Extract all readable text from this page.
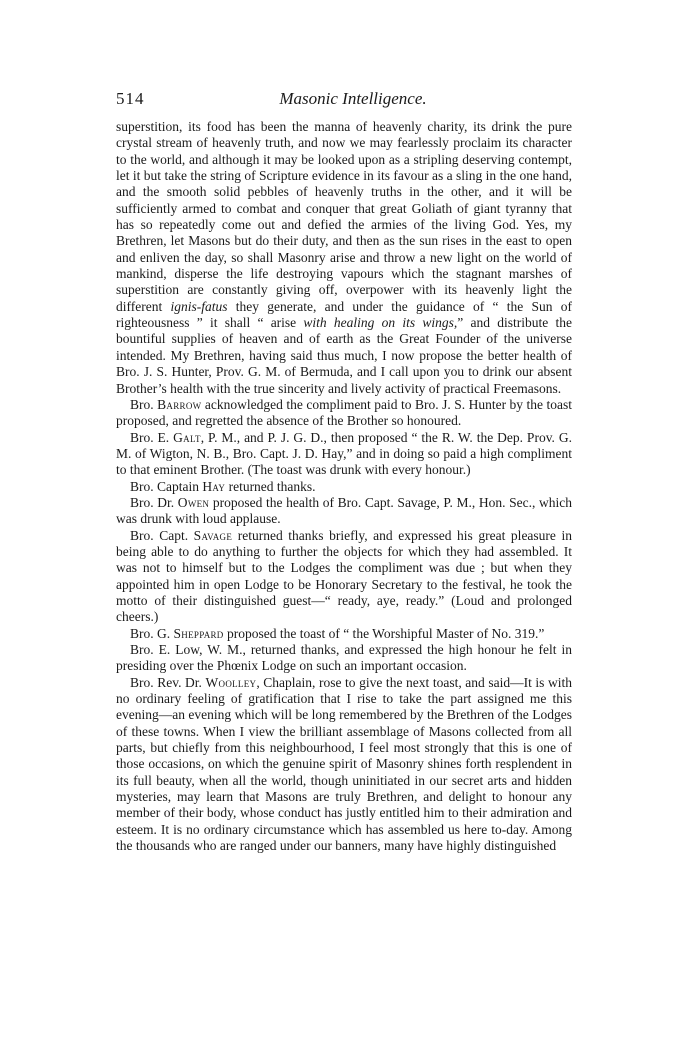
514	Masonic Intelligence.

superstition, its food has been the manna of heavenly charity, its drink the pure crystal stream of heavenly truth, and now we may fearlessly proclaim its character to the world, and although it may be looked upon as a stripling deserving contempt, let it but take the string of Scripture evidence in its favour as a sling in the one hand, and the smooth solid pebbles of heavenly truths in the other, and it will be sufficiently armed to combat and conquer that great Goliath of giant tyranny that has so repeatedly come out and defied the armies of the living God. Yes, my Brethren, let Masons but do their duty, and then as the sun rises in the east to open and enliven the day, so shall Masonry arise and throw a new light on the world of mankind, disperse the life destroying vapours which the stagnant marshes of superstition are constantly giving off, overpower with its heavenly light the different ignis-fatus they generate, and under the guidance of “ the Sun of righteousness ” it shall “ arise with healing on its wings,” and distribute the bountiful supplies of heaven and of earth as the Great Founder of the universe intended. My Brethren, having said thus much, I now propose the better health of Bro. J. S. Hunter, Prov. G. M. of Bermuda, and I call upon you to drink our absent Brother’s health with the true sincerity and lively activity of practical Freemasons.

Bro. Barrow acknowledged the compliment paid to Bro. J. S. Hunter by the toast proposed, and regretted the absence of the Brother so honoured.

Bro. E. Galt, P. M., and P. J. G. D., then proposed “ the R. W. the Dep. Prov. G. M. of Wigton, N. B., Bro. Capt. J. D. Hay,” and in doing so paid a high compliment to that eminent Brother. (The toast was drunk with every honour.)

Bro. Captain Hay returned thanks.

Bro. Dr. Owen proposed the health of Bro. Capt. Savage, P. M., Hon. Sec., which was drunk with loud applause.

Bro. Capt. Savage returned thanks briefly, and expressed his great pleasure in being able to do anything to further the objects for which they had assembled. It was not to himself but to the Lodges the compliment was due ; but when they appointed him in open Lodge to be Honorary Secretary to the festival, he took the motto of their distinguished guest—“ ready, aye, ready.” (Loud and prolonged cheers.)

Bro. G. Sheppard proposed the toast of “ the Worshipful Master of No. 319.”

Bro. E. Low, W. M., returned thanks, and expressed the high honour he felt in presiding over the Phœnix Lodge on such an important occasion.

Bro. Rev. Dr. Woolley, Chaplain, rose to give the next toast, and said—It is with no ordinary feeling of gratification that I rise to take the part assigned me this evening—an evening which will be long remembered by the Brethren of the Lodges of these towns. When I view the brilliant assemblage of Masons collected from all parts, but chiefly from this neighbourhood, I feel most strongly that this is one of those occasions, on which the genuine spirit of Masonry shines forth resplendent in its full beauty, when all the world, though uninitiated in our secret arts and hidden mysteries, may learn that Masons are truly Brethren, and delight to honour any member of their body, whose conduct has justly entitled him to their admiration and esteem. It is no ordinary circumstance which has assembled us here to-day. Among the thousands who are ranged under our banners, many have highly distinguished
